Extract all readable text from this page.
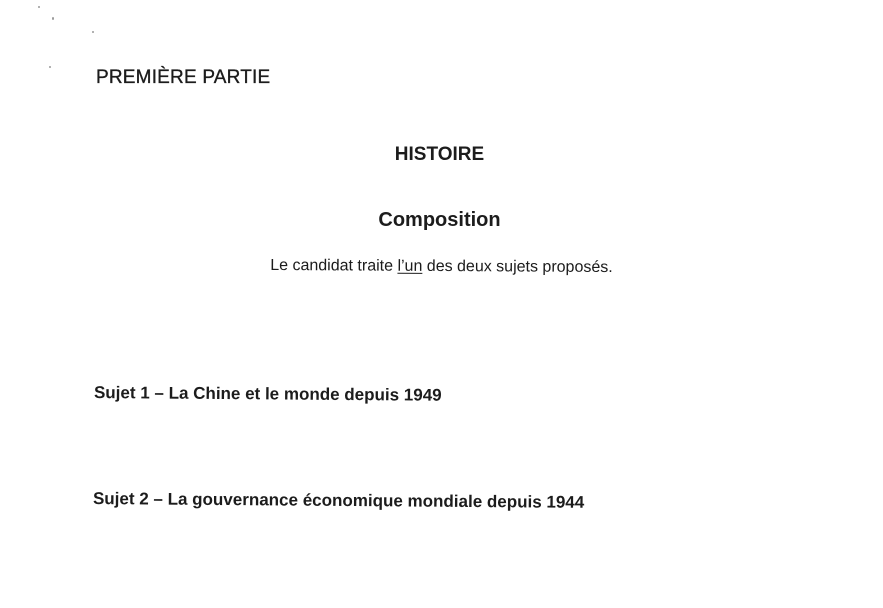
PREMIÈRE PARTIE
HISTOIRE
Composition
Le candidat traite l’un des deux sujets proposés.
Sujet 1 – La Chine et le monde depuis 1949
Sujet 2 – La gouvernance économique mondiale depuis 1944
